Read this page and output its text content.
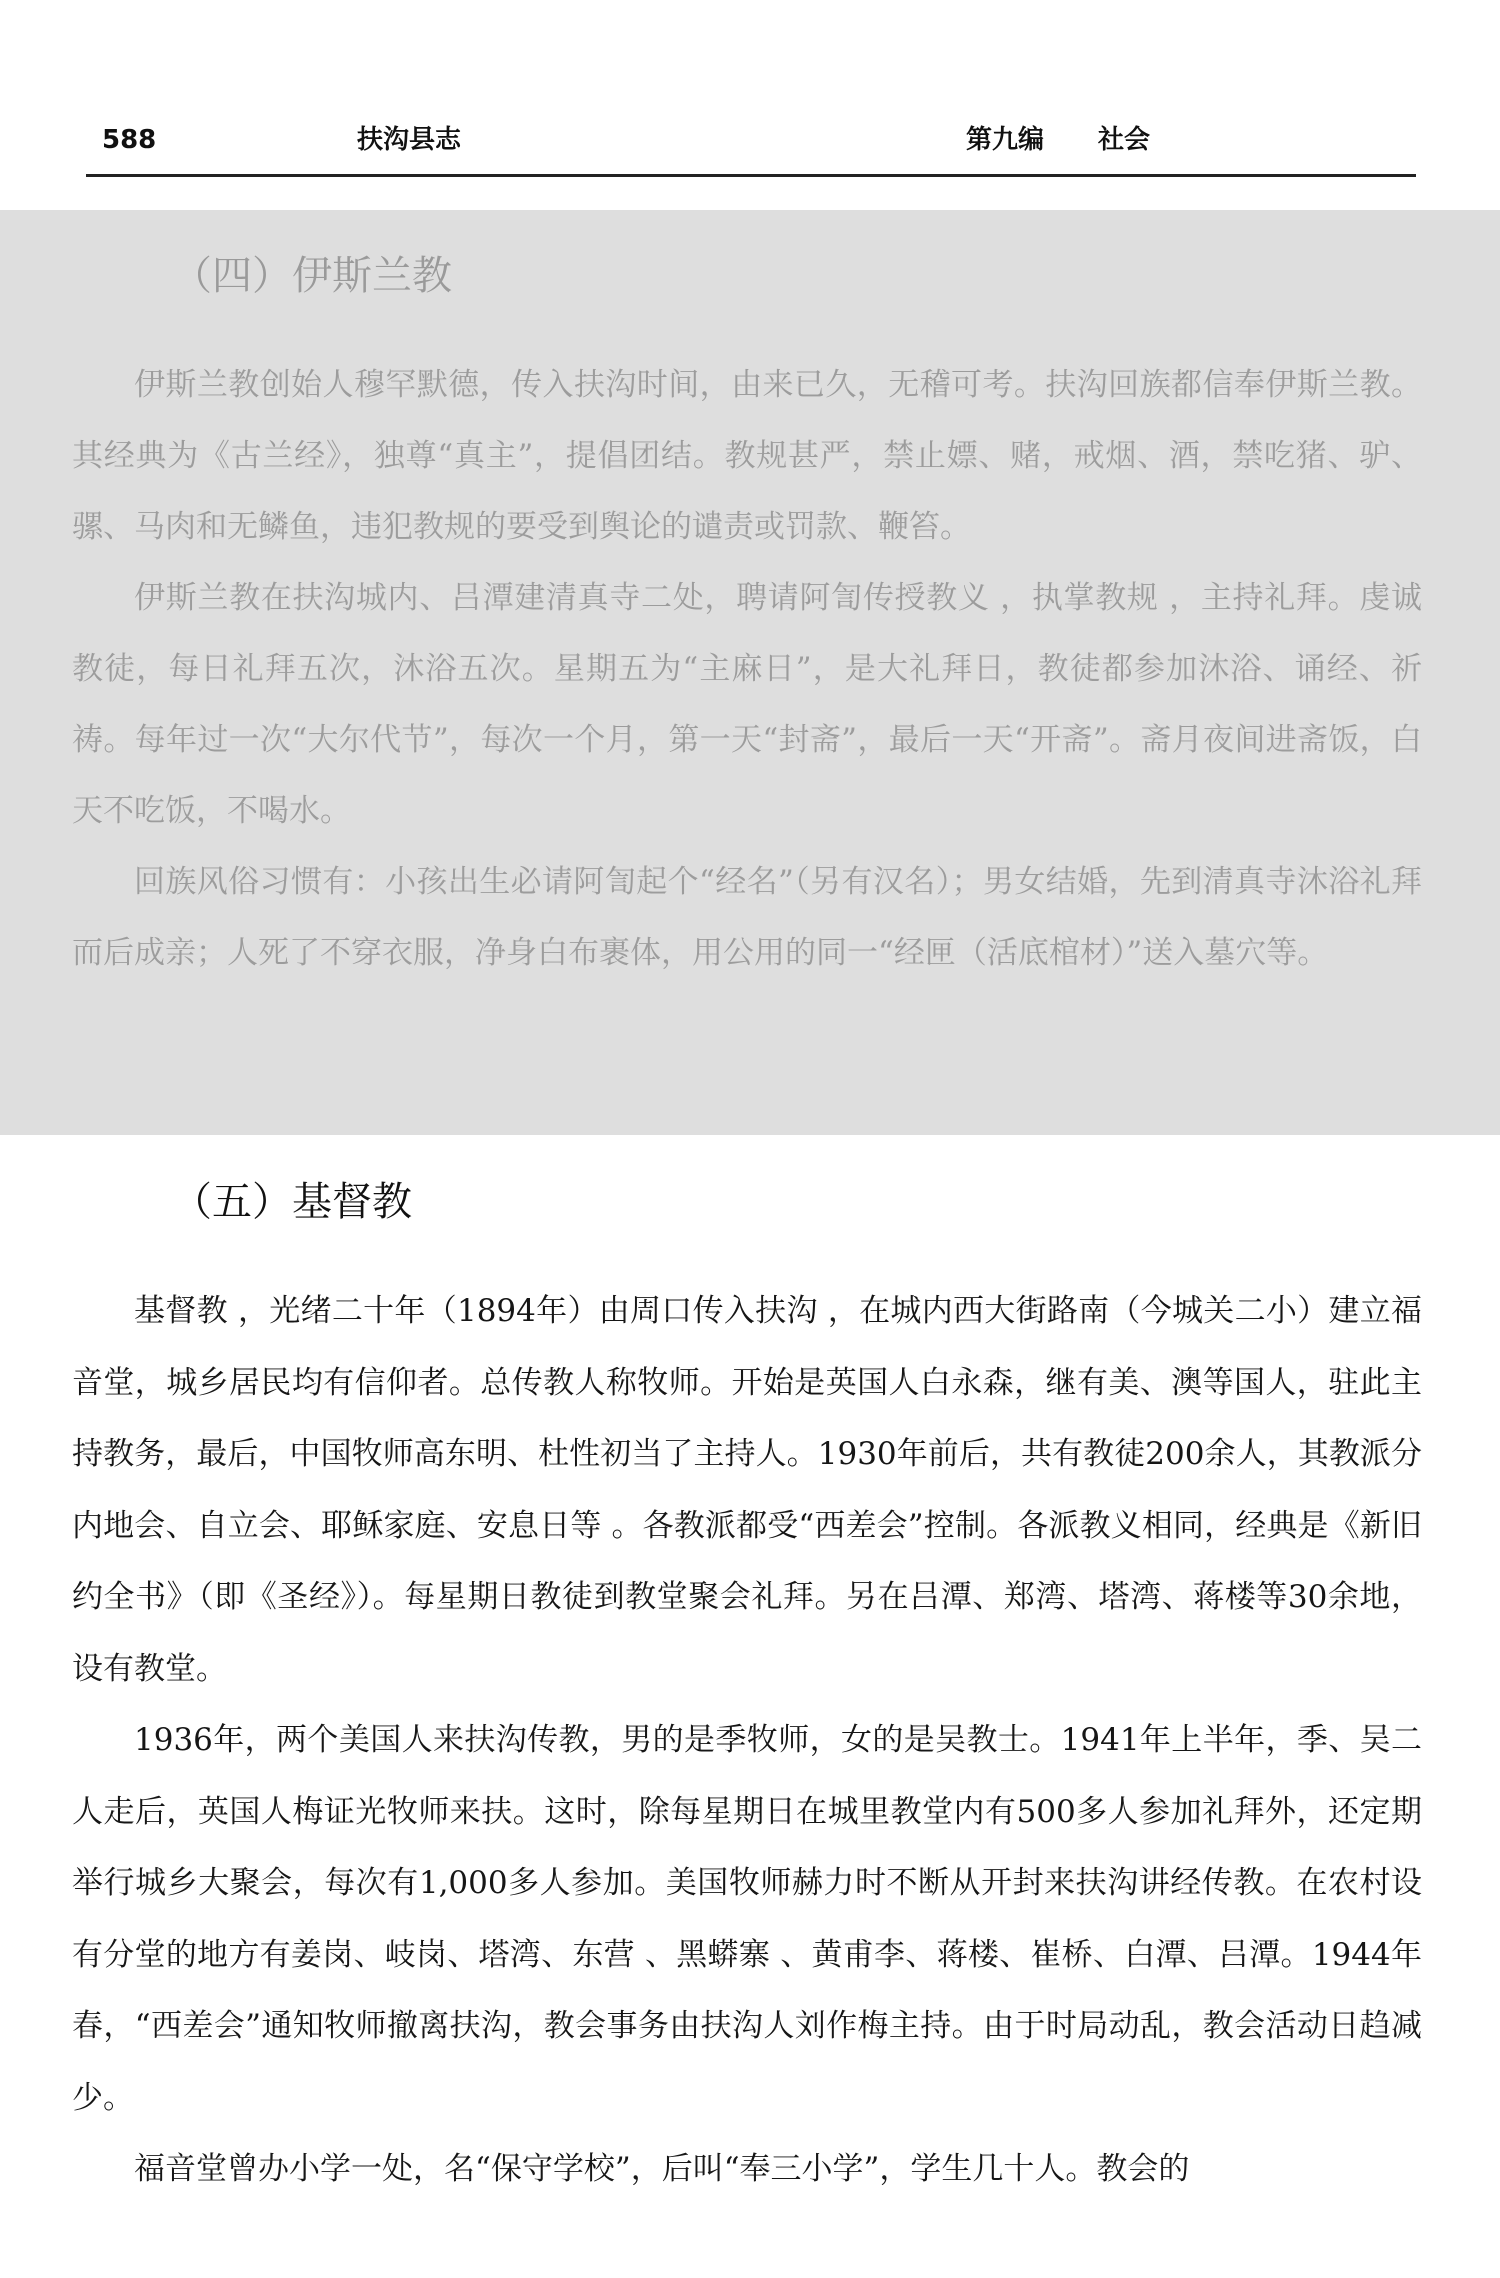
588	扶沟县志	第九编 社会
（四）伊斯兰教

伊斯兰教创始人穆罕默德，传入扶沟时间，由来已久，无稽可考。扶沟回族都信奉伊斯兰教。其经典为《古兰经》，独尊“真主”，提倡团结。教规甚严，禁止嫖、赌，戒烟、酒，禁吃猪、驴、骡、马肉和无鳞鱼，违犯教规的要受到舆论的谴责或罚款、鞭笞。

伊斯兰教在扶沟城内、吕潭建清真寺二处，聘请阿訇传授教义 ，执掌教规 ，主持礼拜。虔诚教徒，每日礼拜五次，沐浴五次。星期五为“主麻日”，是大礼拜日，教徒都参加沐浴、诵经、祈祷。每年过一次“大尔代节”，每次一个月，第一天“封斋”，最后一天“开斋”。斋月夜间进斋饭，白天不吃饭，不喝水。

回族风俗习惯有：小孩出生必请阿訇起个“经名”（另有汉名）；男女结婚，先到清真寺沐浴礼拜而后成亲；人死了不穿衣服，净身白布裹体，用公用的同一“经匣（活底棺材）”送入墓穴等。

（五）基督教

基督教 ，光绪二十年（1894年）由周口传入扶沟 ，在城内西大街路南（今城关二小）建立福音堂，城乡居民均有信仰者。总传教人称牧师。开始是英国人白永森，继有美、澳等国人，驻此主持教务，最后，中国牧师高东明、杜性初当了主持人。1930年前后，共有教徒200余人，其教派分内地会、自立会、耶稣家庭、安息日等 。各教派都受“西差会”控制。各派教义相同，经典是《新旧约全书》（即《圣经》）。每星期日教徒到教堂聚会礼拜。另在吕潭、郑湾、塔湾、蒋楼等30余地，设有教堂。

1936年，两个美国人来扶沟传教，男的是季牧师，女的是吴教士。1941年上半年，季、吴二人走后，英国人梅证光牧师来扶。这时，除每星期日在城里教堂内有500多人参加礼拜外，还定期举行城乡大聚会，每次有1,000多人参加。美国牧师赫力时不断从开封来扶沟讲经传教。在农村设有分堂的地方有姜岗、岐岗、塔湾、东营 、黑蟒寨 、黄甫李、蒋楼、崔桥、白潭、吕潭。1944年春，“西差会”通知牧师撤离扶沟，教会事务由扶沟人刘作梅主持。由于时局动乱，教会活动日趋减少。

福音堂曾办小学一处，名“保守学校”，后叫“奉三小学”，学生几十人。教会的
